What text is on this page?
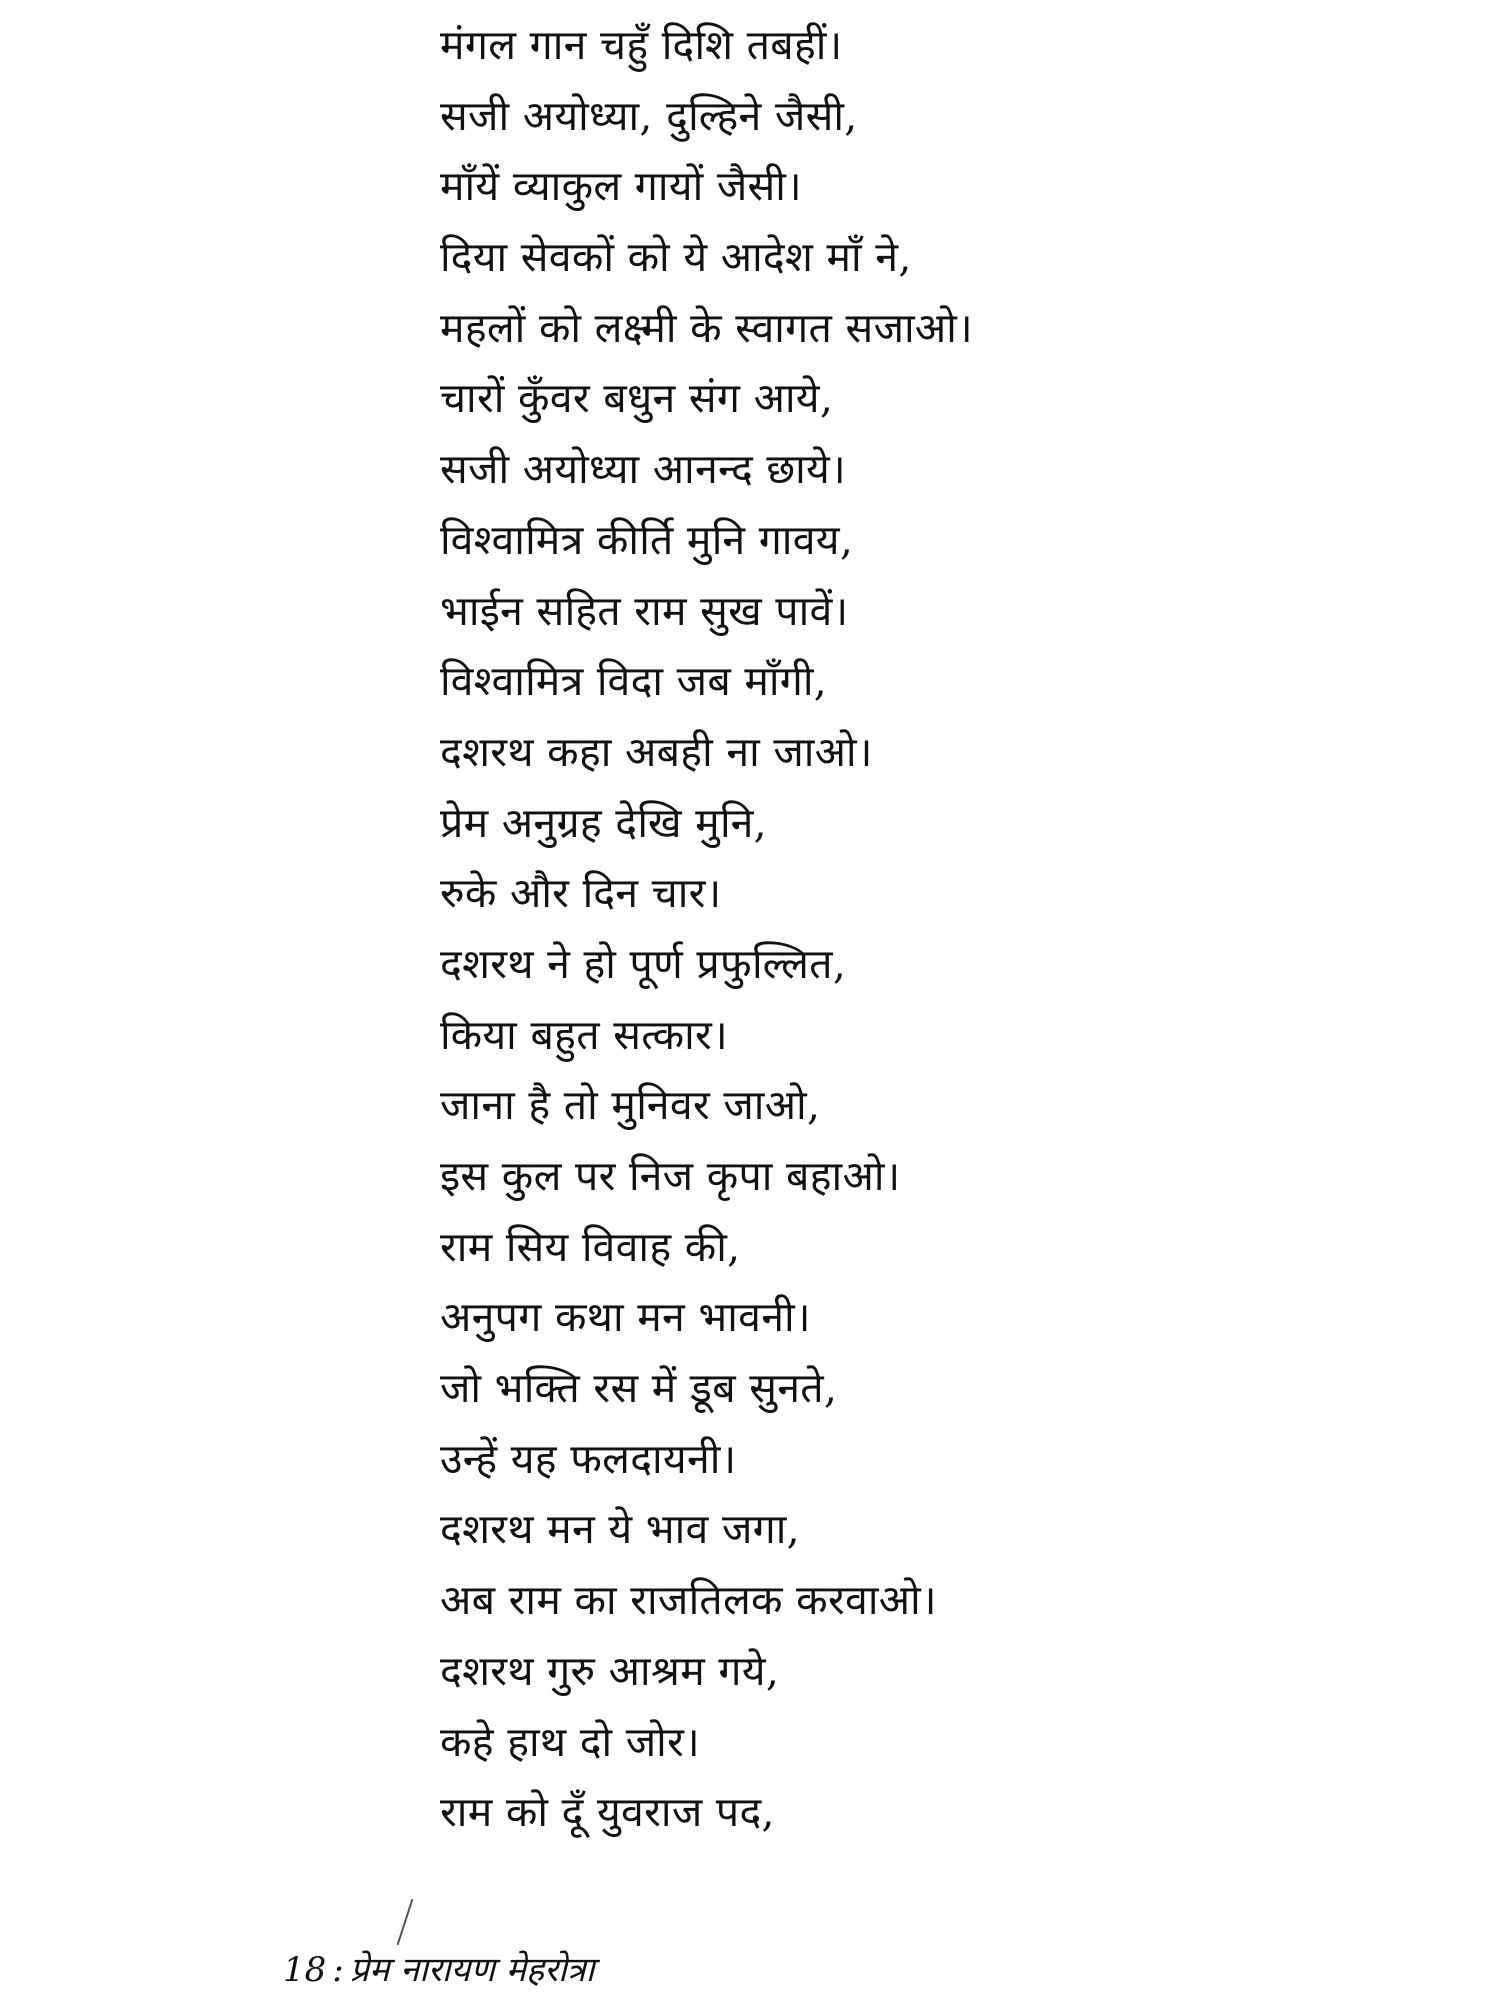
मंगल गान चहुँ दिशि तबहीं।
सजी अयोध्या, दुल्हिने जैसी,
माँयें व्याकुल गायों जैसी।
दिया सेवकों को ये आदेश माँ ने,
महलों को लक्ष्मी के स्वागत सजाओ।
चारों कुँवर बधुन संग आये,
सजी अयोध्या आनन्द छाये।
विश्वामित्र कीर्ति मुनि गावय,
भाईन सहित राम सुख पावें।
विश्वामित्र विदा जब माँगी,
दशरथ कहा अबही ना जाओ।
प्रेम अनुग्रह देखि मुनि,
रुके और दिन चार।
दशरथ ने हो पूर्ण प्रफुल्लित,
किया बहुत सत्कार।
जाना है तो मुनिवर जाओ,
इस कुल पर निज कृपा बहाओ।
राम सिय विवाह की,
अनुपग कथा मन भावनी।
जो भक्ति रस में डूब सुनते,
उन्हें यह फलदायनी।
दशरथ मन ये भाव जगा,
अब राम का राजतिलक करवाओ।
दशरथ गुरु आश्रम गये,
कहे हाथ दो जोर।
राम को दूँ युवराज पद,
18 : प्रेम नारायण मेहरोत्रा
